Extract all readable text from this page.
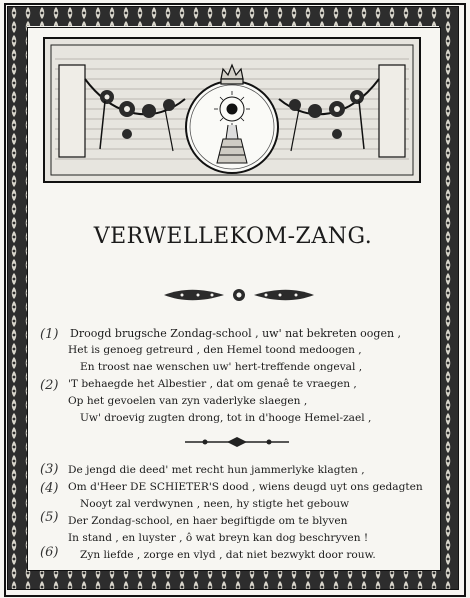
VERWELLEKOM-ZANG.
Droogd brugsche Zondag-school , uw' nat bekreten oogen ,
Het is genoeg getreurd , den Hemel toond medoogen ,
En troost nae wenschen uw' hert-treffende ongeval ,
'T behaegde het Albestier , dat om genaê te vraegen ,
Op het gevoelen van zyn vaderlyke slaegen ,
Uw' droevig zugten drong, tot in d'hooge Hemel-zael ,
De jengd die deed' met recht hun jammerlyke klagten ,
Om d'Heer DE SCHIETER'S dood , wiens deugd uyt ons gedagten
Nooyt zal verdwynen , neen, hy stigte het gebouw
Der Zondag-school, en haer begiftigde om te blyven
In stand , en luyster , ô wat breyn kan dog beschryven !
Zyn liefde , zorge en vlyd , dat niet bezwykt door rouw.
(1)
(2)
(3)
(4)
(5)
(6)
